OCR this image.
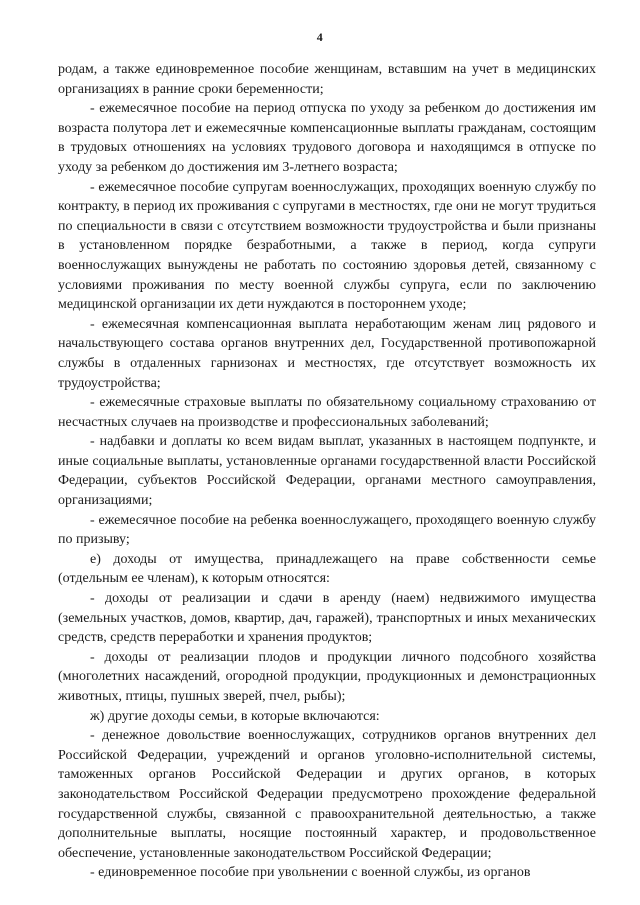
4

родам, а также единовременное пособие женщинам, вставшим на учет в медицинских организациях в ранние сроки беременности;

- ежемесячное пособие на период отпуска по уходу за ребенком до достижения им возраста полутора лет и ежемесячные компенсационные выплаты гражданам, состоящим в трудовых отношениях на условиях трудового договора и находящимся в отпуске по уходу за ребенком до достижения им 3-летнего возраста;

- ежемесячное пособие супругам военнослужащих, проходящих военную службу по контракту, в период их проживания с супругами в местностях, где они не могут трудиться по специальности в связи с отсутствием возможности трудоустройства и были признаны в установленном порядке безработными, а также в период, когда супруги военнослужащих вынуждены не работать по состоянию здоровья детей, связанному с условиями проживания по месту военной службы супруга, если по заключению медицинской организации их дети нуждаются в постороннем уходе;

- ежемесячная компенсационная выплата неработающим женам лиц рядового и начальствующего состава органов внутренних дел, Государственной противопожарной службы в отдаленных гарнизонах и местностях, где отсутствует возможность их трудоустройства;

- ежемесячные страховые выплаты по обязательному социальному страхованию от несчастных случаев на производстве и профессиональных заболеваний;

- надбавки и доплаты ко всем видам выплат, указанных в настоящем подпункте, и иные социальные выплаты, установленные органами государственной власти Российской Федерации, субъектов Российской Федерации, органами местного самоуправления, организациями;

- ежемесячное пособие на ребенка военнослужащего, проходящего военную службу по призыву;

е) доходы от имущества, принадлежащего на праве собственности семье (отдельным ее членам), к которым относятся:

- доходы от реализации и сдачи в аренду (наем) недвижимого имущества (земельных участков, домов, квартир, дач, гаражей), транспортных и иных механических средств, средств переработки и хранения продуктов;

- доходы от реализации плодов и продукции личного подсобного хозяйства (многолетних насаждений, огородной продукции, продукционных и демонстрационных животных, птицы, пушных зверей, пчел, рыбы);

ж) другие доходы семьи, в которые включаются:

- денежное довольствие военнослужащих, сотрудников органов внутренних дел Российской Федерации, учреждений и органов уголовно-исполнительной системы, таможенных органов Российской Федерации и других органов, в которых законодательством Российской Федерации предусмотрено прохождение федеральной государственной службы, связанной с правоохранительной деятельностью, а также дополнительные выплаты, носящие постоянный характер, и продовольственное обеспечение, установленные законодательством Российской Федерации;

- единовременное пособие при увольнении с военной службы, из органов
